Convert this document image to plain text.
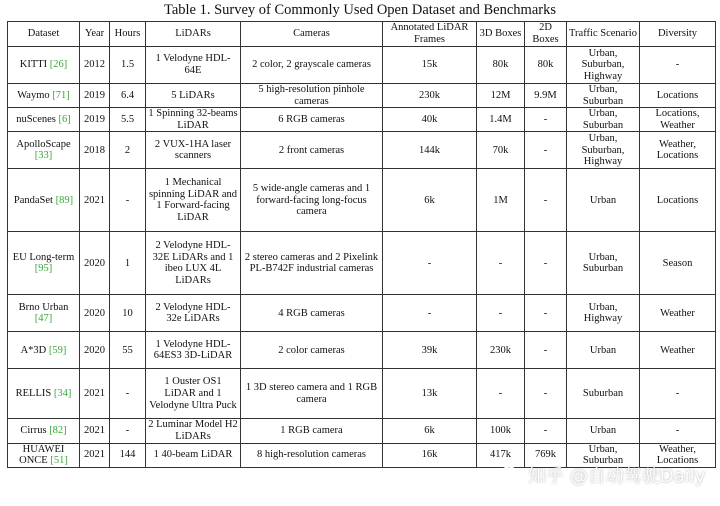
Table 1. Survey of Commonly Used Open Dataset and Benchmarks
Dataset	Year	Hours	LiDARs	Cameras	Annotated LiDAR Frames	3D Boxes	2D Boxes	Traffic Scenario	Diversity
KITTI [26]	2012	1.5	1 Velodyne HDL-64E	2 color, 2 grayscale cameras	15k	80k	80k	Urban, Suburban, Highway	-
Waymo [71]	2019	6.4	5 LiDARs	5 high-resolution pinhole cameras	230k	12M	9.9M	Urban, Suburban	Locations
nuScenes [6]	2019	5.5	1 Spinning 32-beams LiDAR	6 RGB cameras	40k	1.4M	-	Urban, Suburban	Locations, Weather
ApolloScape [33]	2018	2	2 VUX-1HA laser scanners	2 front cameras	144k	70k	-	Urban, Suburban, Highway	Weather, Locations
PandaSet [89]	2021	-	1 Mechanical spinning LiDAR and 1 Forward-facing LiDAR	5 wide-angle cameras and 1 forward-facing long-focus camera	6k	1M	-	Urban	Locations
EU Long-term [95]	2020	1	2 Velodyne HDL-32E LiDARs and 1 ibeo LUX 4L LiDARs	2 stereo cameras and 2 Pixelink PL-B742F industrial cameras	-	-	-	Urban, Suburban	Season
Brno Urban [47]	2020	10	2 Velodyne HDL-32e LiDARs	4 RGB cameras	-	-	-	Urban, Highway	Weather
A*3D [59]	2020	55	1 Velodyne HDL-64ES3 3D-LiDAR	2 color cameras	39k	230k	-	Urban	Weather
RELLIS [34]	2021	-	1 Ouster OS1 LiDAR and 1 Velodyne Ultra Puck	1 3D stereo camera and 1 RGB camera	13k	-	-	Suburban	-
Cirrus [82]	2021	-	2 Luminar Model H2 LiDARs	1 RGB camera	6k	100k	-	Urban	-
HUAWEI ONCE [51]	2021	144	1 40-beam LiDAR	8 high-resolution cameras	16k	417k	769k	Urban, Suburban	Weather, Locations
知乎 @自动驾驶Daily
